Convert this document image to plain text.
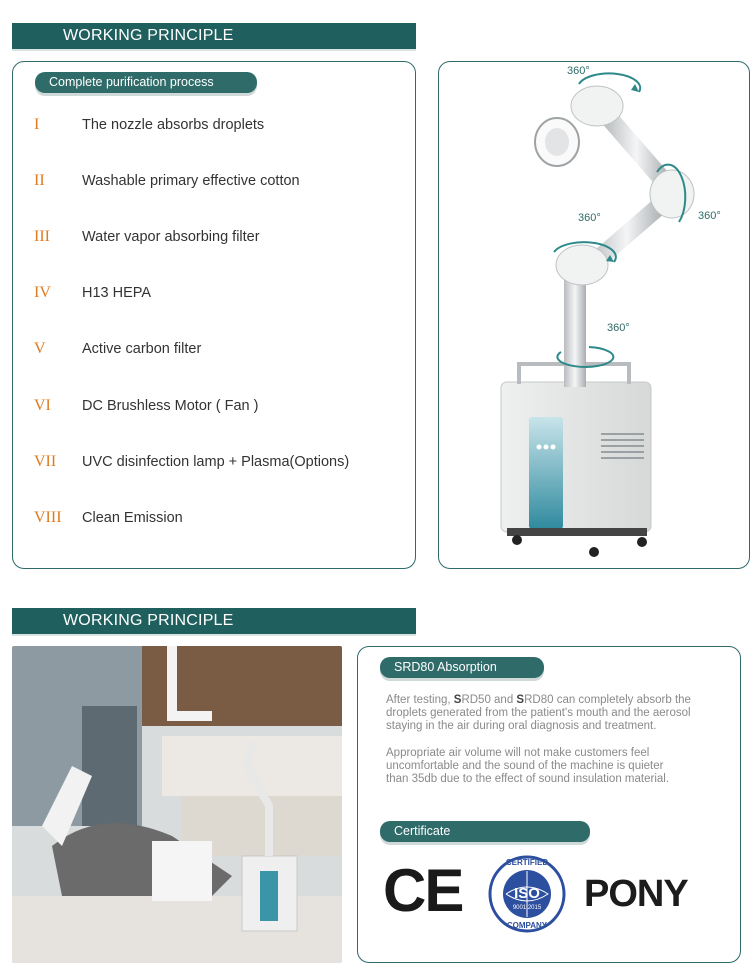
WORKING PRINCIPLE
Complete purification process
I	The nozzle absorbs droplets
II	Washable primary effective cotton
III	Water vapor absorbing filter
IV	H13 HEPA
V	Active carbon filter
VI	DC Brushless Motor ( Fan )
VII	UVC disinfection lamp + Plasma(Options)
VIII Clean Emission
360°
360°
360°
360°
WORKING PRINCIPLE
SRD80 Absorption capacity
After testing, SRD50 and SRD80 can completely absorb the
droplets generated from the patient's mouth and the aerosol
staying in the air during oral diagnosis and treatment.
Appropriate air volume will not make customers feel
uncomfortable and the sound of the machine is quieter
than 35db due to the effect of sound insulation material.
Certificate
CE	CERTIFIED
ISO
9001:2015
COMPANY
PONY
